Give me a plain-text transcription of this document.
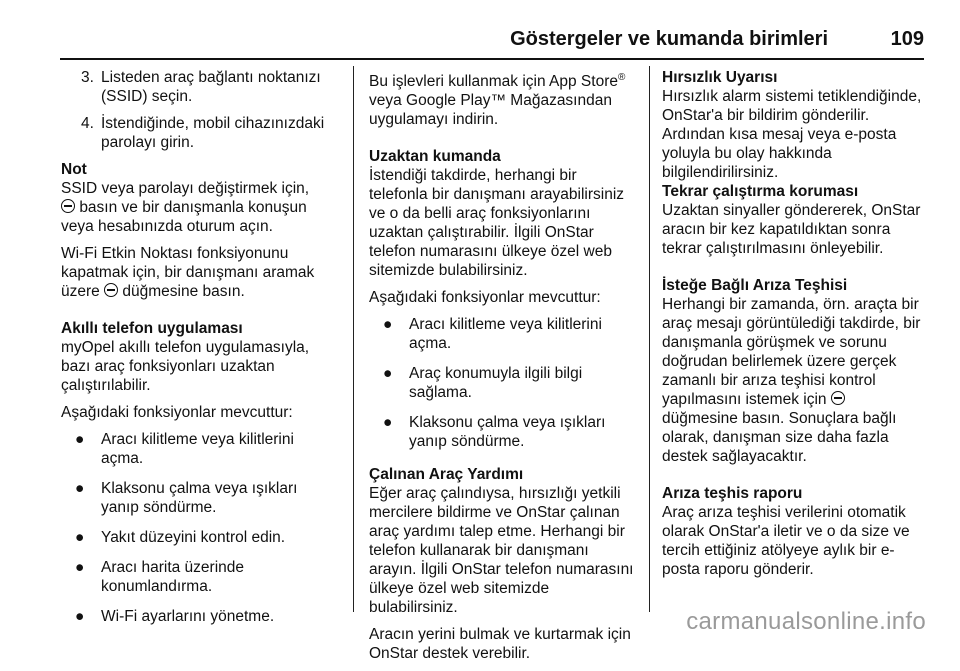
Göstergeler ve kumanda birimleri	109
3. Listeden araç bağlantı noktanızı (SSID) seçin.
4. İstendiğinde, mobil cihazınızdaki parolayı girin.

Not

SSID veya parolayı değiştirmek için,
basın ve bir danışmanla konuşun veya hesabınızda oturum açın.

Wi-Fi Etkin Noktası fonksiyonunu kapatmak için, bir danışmanı aramak üzere düğmesine basın.

Akıllı telefon uygulaması

myOpel akıllı telefon uygulamasıyla, bazı araç fonksiyonları uzaktan çalıştırılabilir.

Aşağıdaki fonksiyonlar mevcuttur:

● Aracı kilitleme veya kilitlerini açma.
● Klaksonu çalma veya ışıkları yanıp söndürme.
● Yakıt düzeyini kontrol edin.
● Aracı harita üzerinde konumlandırma.
● Wi-Fi ayarlarını yönetme.

Bu işlevleri kullanmak için App Store® veya Google Play™ Mağazasından uygulamayı indirin.

Uzaktan kumanda

İstendiği takdirde, herhangi bir telefonla bir danışmanı arayabilirsiniz ve o da belli araç fonksiyonlarını uzaktan çalıştırabilir. İlgili OnStar telefon numarasını ülkeye özel web sitemizde bulabilirsiniz.

Aşağıdaki fonksiyonlar mevcuttur:

● Aracı kilitleme veya kilitlerini açma.
● Araç konumuyla ilgili bilgi sağlama.
● Klaksonu çalma veya ışıkları yanıp söndürme.

Çalınan Araç Yardımı

Eğer araç çalındıysa, hırsızlığı yetkili mercilere bildirme ve OnStar çalınan araç yardımı talep etme. Herhangi bir telefon kullanarak bir danışmanı arayın. İlgili OnStar telefon numarasını ülkeye özel web sitemizde bulabilirsiniz.

Aracın yerini bulmak ve kurtarmak için OnStar destek verebilir.

Hırsızlık Uyarısı

Hırsızlık alarm sistemi tetiklendiğinde, OnStar'a bir bildirim gönderilir. Ardından kısa mesaj veya e-posta yoluyla bu olay hakkında bilgilendirilirsiniz.

Tekrar çalıştırma koruması

Uzaktan sinyaller göndererek, OnStar aracın bir kez kapatıldıktan sonra tekrar çalıştırılmasını önleyebilir.

İsteğe Bağlı Arıza Teşhisi

Herhangi bir zamanda, örn. araçta bir araç mesajı görüntülediği takdirde, bir danışmanla görüşmek ve sorunu doğrudan belirlemek üzere gerçek zamanlı bir arıza teşhisi kontrol yapılmasını istemek için
düğmesine basın. Sonuçlara bağlı olarak, danışman size daha fazla destek sağlayacaktır.

Arıza teşhis raporu

Araç arıza teşhisi verilerini otomatik olarak OnStar'a iletir ve o da size ve tercih ettiğiniz atölyeye aylık bir e-posta raporu gönderir.

carmanualsonline.info
